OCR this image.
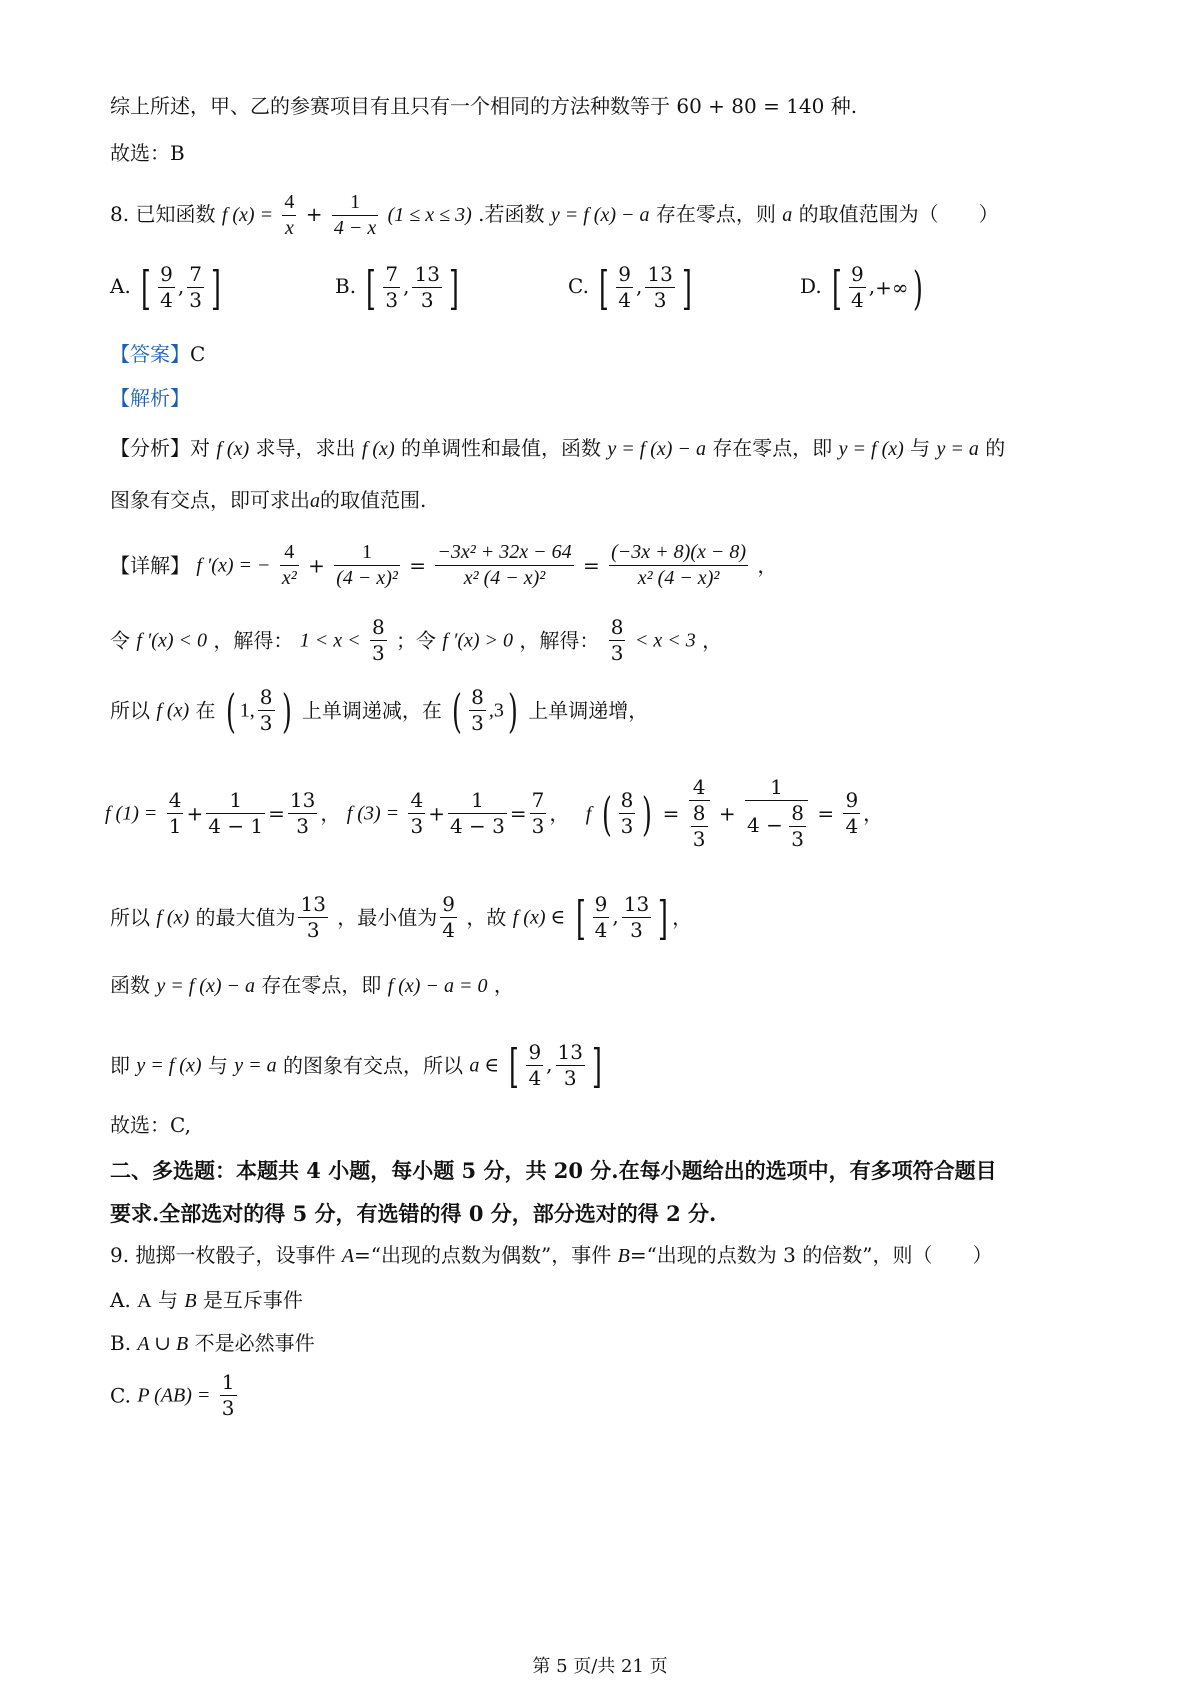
综上所述，甲、乙的参赛项目有且只有一个相同的方法种数等于 60 + 80 = 140 种.
故选：B
8. 已知函数 f $(x) = \frac{4}{x} + \frac{1}{4 - x} (1 \le x \le 3)$ .若函数 y = f (x) − a 存在零点，则 a 的取值范围为（　　）
A. [ $\frac{9}{4}$ , $\frac{7}{3}$ ]	B. [ $\frac{7}{3}$ , $\frac{13}{3}$ ]	C. [ $\frac{9}{4}$ , $\frac{13}{3}$ ]	D. [ $\frac{9}{4}$ ,+∞)
【答案】C
【解析】
【分析】对 f (x) 求导，求出 f (x) 的单调性和最值，函数 y = f (x) − a 存在零点，即 y = f (x) 与 y = a 的
图象有交点，即可求出a的取值范围.
【详解】 f ′(x) = − $\frac{4}{\text{x²}} + \frac{1}{\text{(4 − x)²}} = \frac{\text{−3x² + 32x − 64}}{\text{x² (4 − x)²}} = \frac{(-3x + 8)(x - 8)}{\text{x² (4 − x)²}}$ ，
令 f ′(x) < 0 ，解得： $1 < x < \frac{8}{3}$ ；令 f ′(x) > 0 ，解得： $\frac{8}{3} < x < 3$ ，
所以 f (x) 在 ( 1, $\frac{8}{3}$ ) 上单调递减，在 ( $\frac{8}{3} ,3$) 上单调递增，
f $(1) = \frac{4}{1} + \frac{1}{4 - 1} = \frac{13}{3}$ ， f $(3) = \frac{4}{3} + \frac{1}{4 - 3} = \frac{7}{3}$ ， f ( $\frac{8}{3}$ ) = $\frac{4}{\frac{8}{3}} + \frac{1}{4 - \frac{8}{3}} = \frac{9}{4}$ ，
所以 f (x) 的最大值为 $\frac{13}{3}$ ，最小值为 $\frac{9}{4}$ ，故 f (x) ∈ [ $\frac{9}{4}$ , $\frac{13}{3}$ ] ，
函数 y = f (x) − a 存在零点，即 f (x) − a = 0 ，
即 y = f (x) 与 y = a 的图象有交点，所以 a ∈ [ $\frac{9}{4}$ , $\frac{13}{3}$ ]
故选：C,
二、多选题：本题共 4 小题，每小题 5 分，共 20 分.在每小题给出的选项中，有多项符合题目
要求.全部选对的得 5 分，有选错的得 0 分，部分选对的得 2 分.
9. 抛掷一枚骰子，设事件 A=“出现的点数为偶数”，事件 B=“出现的点数为 3 的倍数”，则（　　）
A. A 与 B 是互斥事件
B. A ∪ B 不是必然事件
C. P $(AB) = \frac{1}{3}$
第 5 页/共 21 页
